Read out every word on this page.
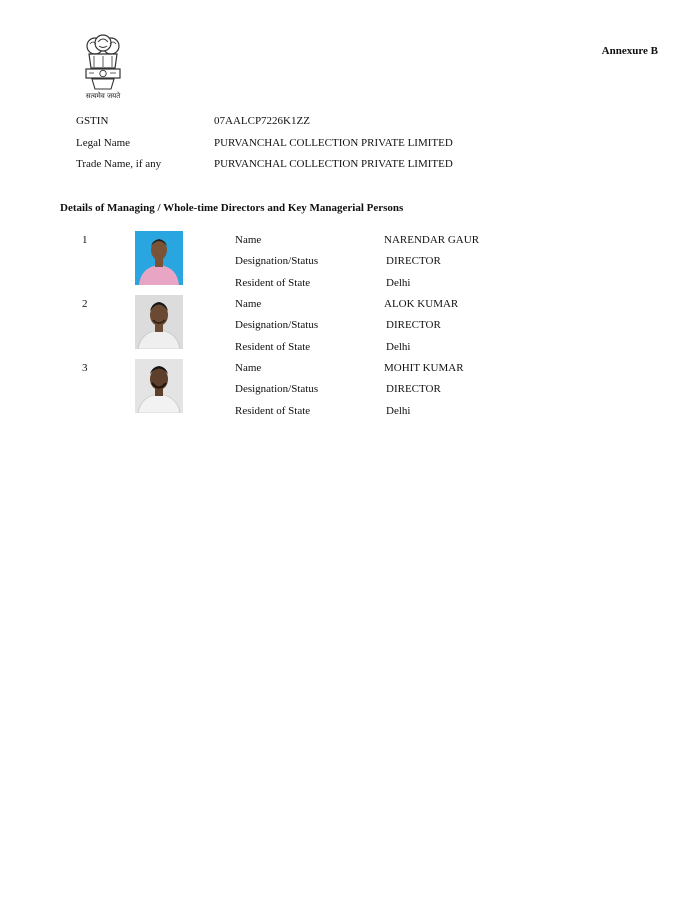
सत्यमेव जयते
Annexure B
GSTIN	07AALCP7226K1ZZ
Legal Name	PURVANCHAL COLLECTION PRIVATE LIMITED
Trade Name, if any	PURVANCHAL COLLECTION PRIVATE LIMITED
Details of Managing / Whole-time Directors and Key Managerial Persons
1	Name	NARENDAR GAUR
Designation/Status	DIRECTOR
Resident of State	Delhi
2	Name	ALOK KUMAR
Designation/Status	DIRECTOR
Resident of State	Delhi
3	Name	MOHIT KUMAR
Designation/Status	DIRECTOR
Resident of State	Delhi
